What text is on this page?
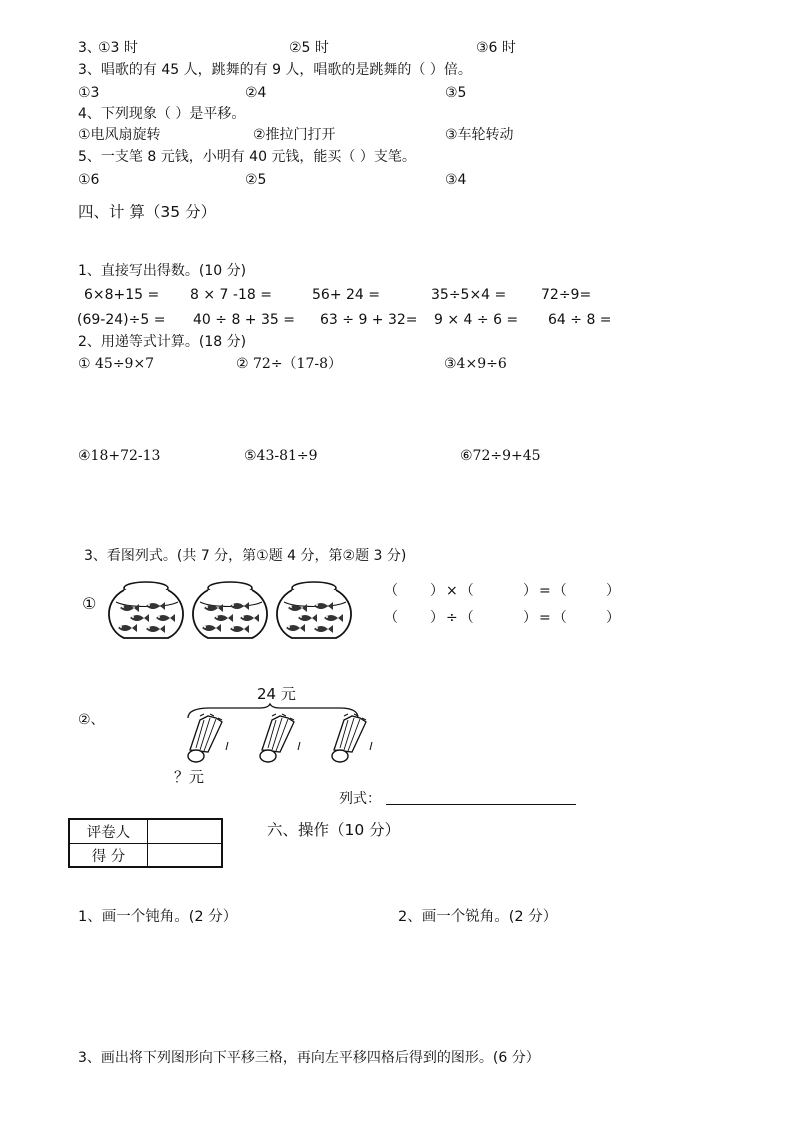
3、
①3 时	②5 时	③6 时
3、唱歌的有 45 人，跳舞的有 9 人，唱歌的是跳舞的（ ）倍。
①3	②4	③5
4、下列现象（ ）是平移。
①电风扇旋转	②推拉门打开	③车轮转动
5、一支笔 8 元钱，小明有 40 元钱，能买（ ）支笔。
①6	②5	③4
四、计 算（35 分）
1、直接写出得数。(10 分)
6×8+15 = 8 × 7 -18 =	56+ 24 =	35÷5×4 = 72÷9=
(69-24)÷5 = 40 ÷ 8 + 35 = 63 ÷ 9 + 32= 9 × 4 ÷ 6 = 64 ÷ 8 =
2、用递等式计算。(18 分)
① 45÷9×7	② 72÷（17-8）	③4×9÷6
④18+72-13	⑤43-81÷9	⑥72÷9+45
3、看图列式。(共 7 分，第①题 4 分，第②题 3 分)
①
（ ）×（	）=（	）
（ ）÷（	）=（	）
②、
24 元
？元
列式：
评卷人
得 分
六、操作（10 分）
1、画一个钝角。(2 分）	2、画一个锐角。(2 分）
3、画出将下列图形向下平移三格，再向左平移四格后得到的图形。(6 分）
